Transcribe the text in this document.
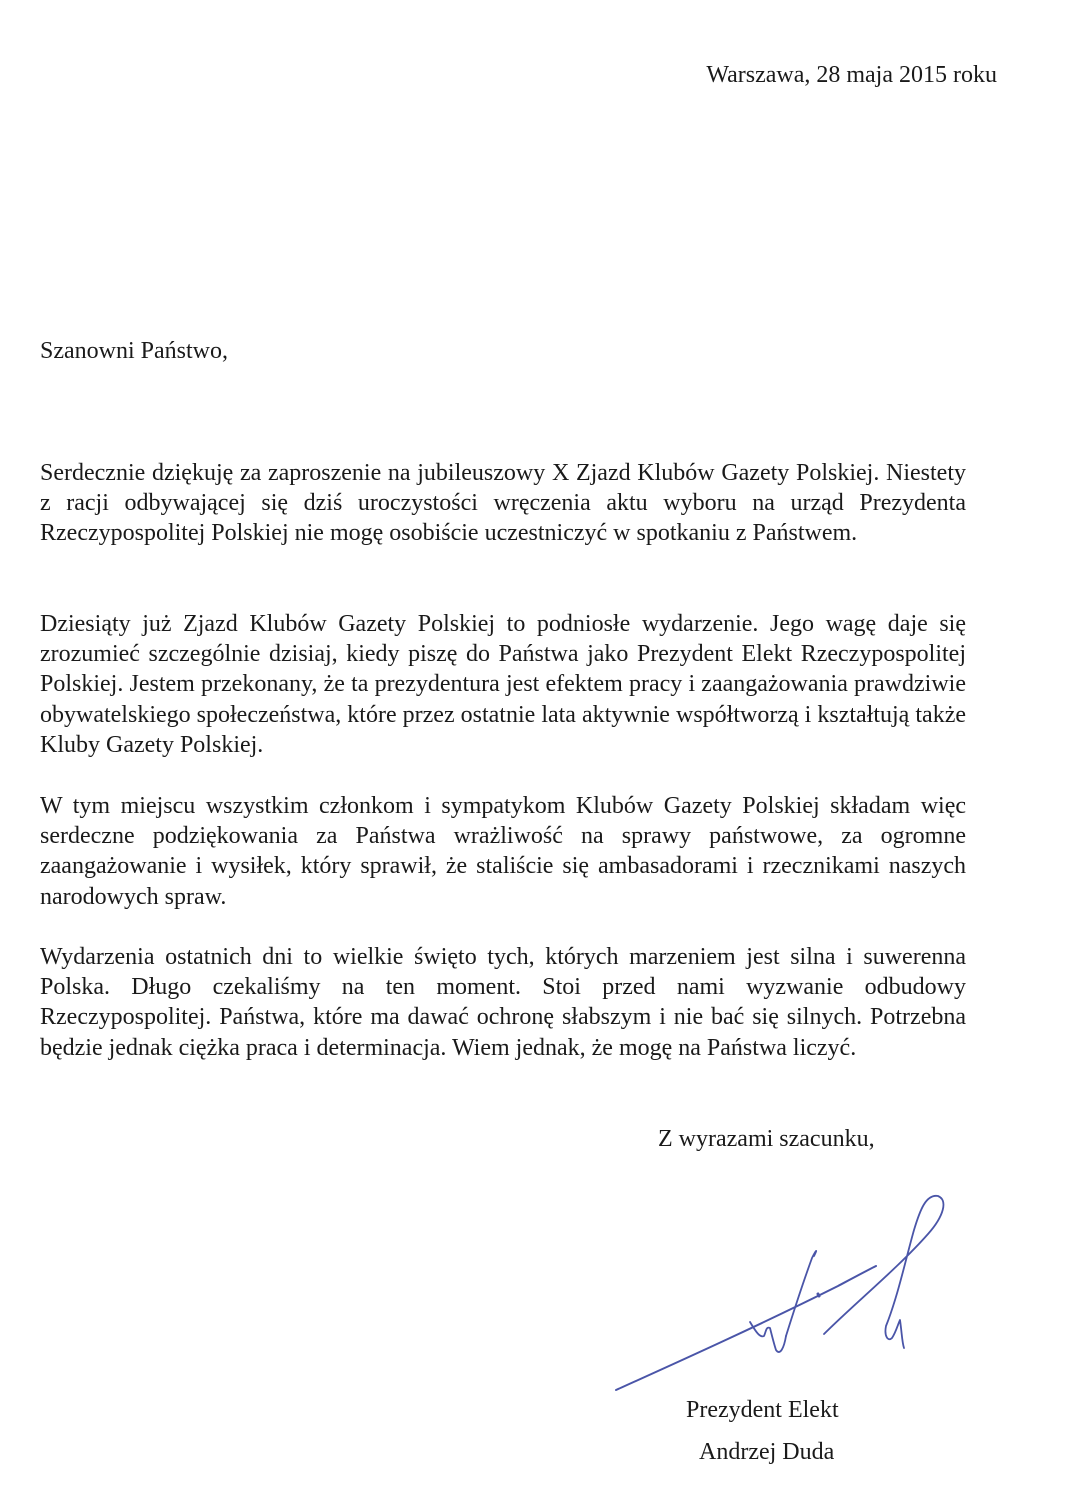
Warszawa, 28 maja 2015 roku
Szanowni Państwo,

Serdecznie dziękuję za zaproszenie na jubileuszowy X Zjazd Klubów Gazety Polskiej. Niestety z racji odbywającej się dziś uroczystości wręczenia aktu wyboru na urząd Prezydenta Rzeczypospolitej Polskiej nie mogę osobiście uczestniczyć w spotkaniu z Państwem.

Dziesiąty już Zjazd Klubów Gazety Polskiej to podniosłe wydarzenie. Jego wagę daje się zrozumieć szczególnie dzisiaj, kiedy piszę do Państwa jako Prezydent Elekt Rzeczypospolitej Polskiej. Jestem przekonany, że ta prezydentura jest efektem pracy i zaangażowania prawdziwie obywatelskiego społeczeństwa, które przez ostatnie lata aktywnie współtworzą i kształtują także Kluby Gazety Polskiej.

W tym miejscu wszystkim członkom i sympatykom Klubów Gazety Polskiej składam więc serdeczne podziękowania za Państwa wrażliwość na sprawy państwowe, za ogromne zaangażowanie i wysiłek, który sprawił, że staliście się ambasadorami i rzecznikami naszych narodowych spraw.

Wydarzenia ostatnich dni to wielkie święto tych, których marzeniem jest silna i suwerenna Polska. Długo czekaliśmy na ten moment. Stoi przed nami wyzwanie odbudowy Rzeczypospolitej. Państwa, które ma dawać ochronę słabszym i nie bać się silnych. Potrzebna będzie jednak ciężka praca i determinacja. Wiem jednak, że mogę na Państwa liczyć.

Z wyrazami szacunku,
Prezydent Elekt
Andrzej Duda
